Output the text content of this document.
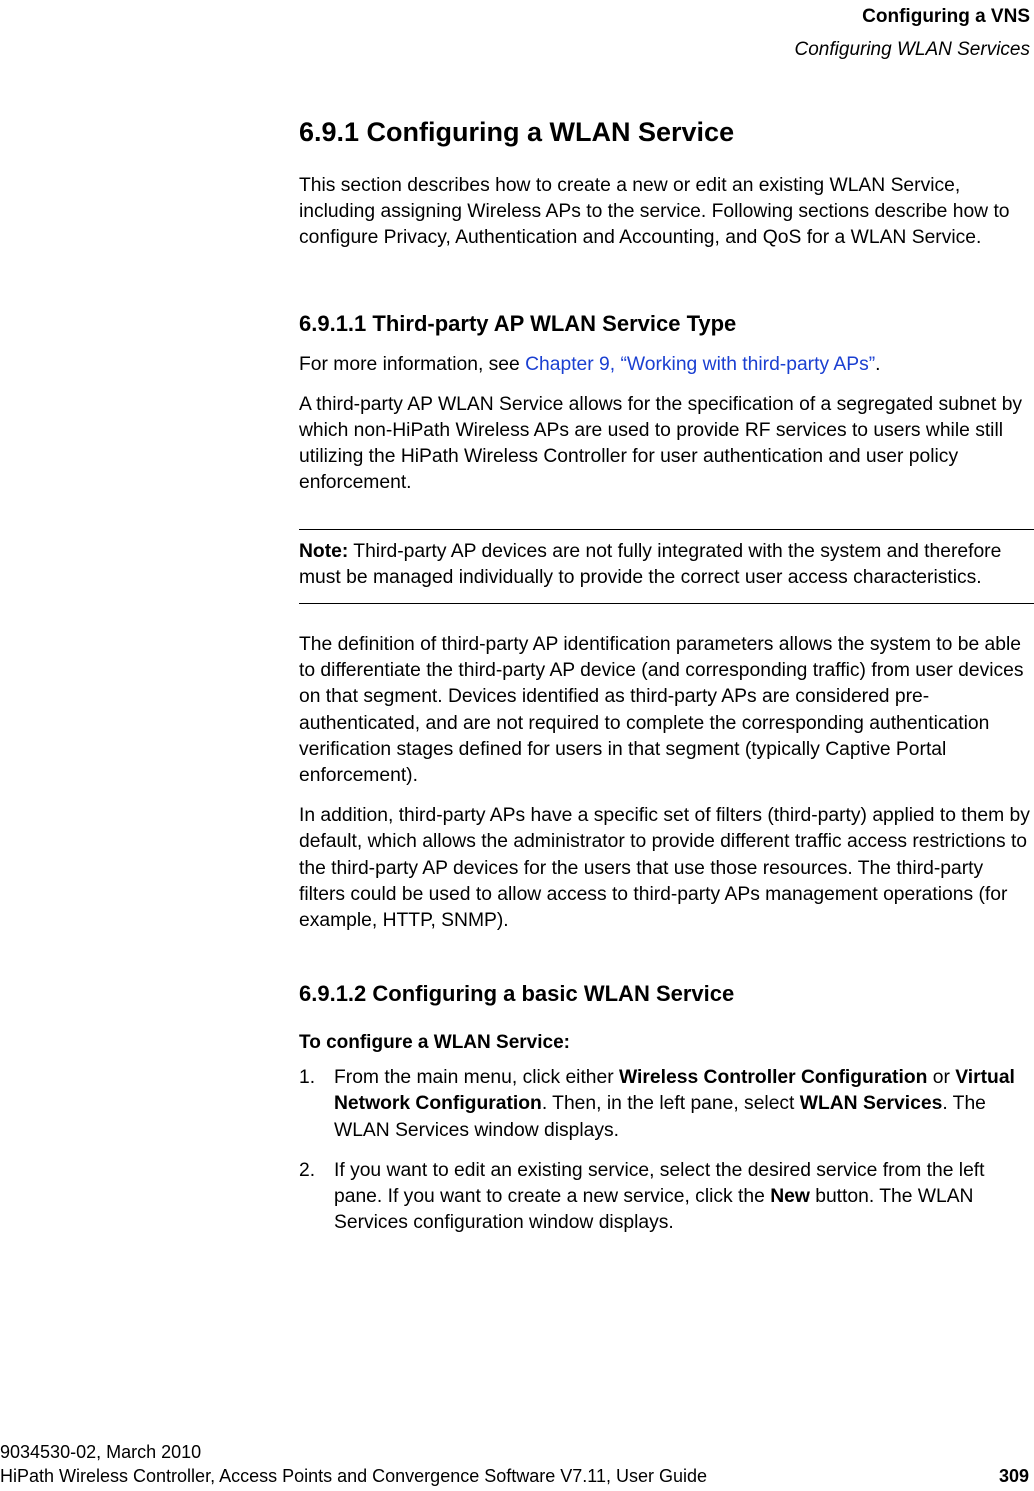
Configuring a VNS
Configuring WLAN Services
6.9.1 Configuring a WLAN Service

This section describes how to create a new or edit an existing WLAN Service, including assigning Wireless APs to the service. Following sections describe how to configure Privacy, Authentication and Accounting, and QoS for a WLAN Service.

6.9.1.1 Third-party AP WLAN Service Type

For more information, see Chapter 9, “Working with third-party APs”.

A third-party AP WLAN Service allows for the specification of a segregated subnet by which non-HiPath Wireless APs are used to provide RF services to users while still utilizing the HiPath Wireless Controller for user authentication and user policy enforcement.

Note: Third-party AP devices are not fully integrated with the system and therefore must be managed individually to provide the correct user access characteristics.

The definition of third-party AP identification parameters allows the system to be able to differentiate the third-party AP device (and corresponding traffic) from user devices on that segment. Devices identified as third-party APs are considered pre-authenticated, and are not required to complete the corresponding authentication verification stages defined for users in that segment (typically Captive Portal enforcement).

In addition, third-party APs have a specific set of filters (third-party) applied to them by default, which allows the administrator to provide different traffic access restrictions to the third-party AP devices for the users that use those resources. The third-party filters could be used to allow access to third-party APs management operations (for example, HTTP, SNMP).

6.9.1.2 Configuring a basic WLAN Service

To configure a WLAN Service:

1. From the main menu, click either Wireless Controller Configuration or Virtual Network Configuration. Then, in the left pane, select WLAN Services. The WLAN Services window displays.
2. If you want to edit an existing service, select the desired service from the left pane. If you want to create a new service, click the New button. The WLAN Services configuration window displays.
9034530-02, March 2010
HiPath Wireless Controller, Access Points and Convergence Software V7.11, User Guide	309
